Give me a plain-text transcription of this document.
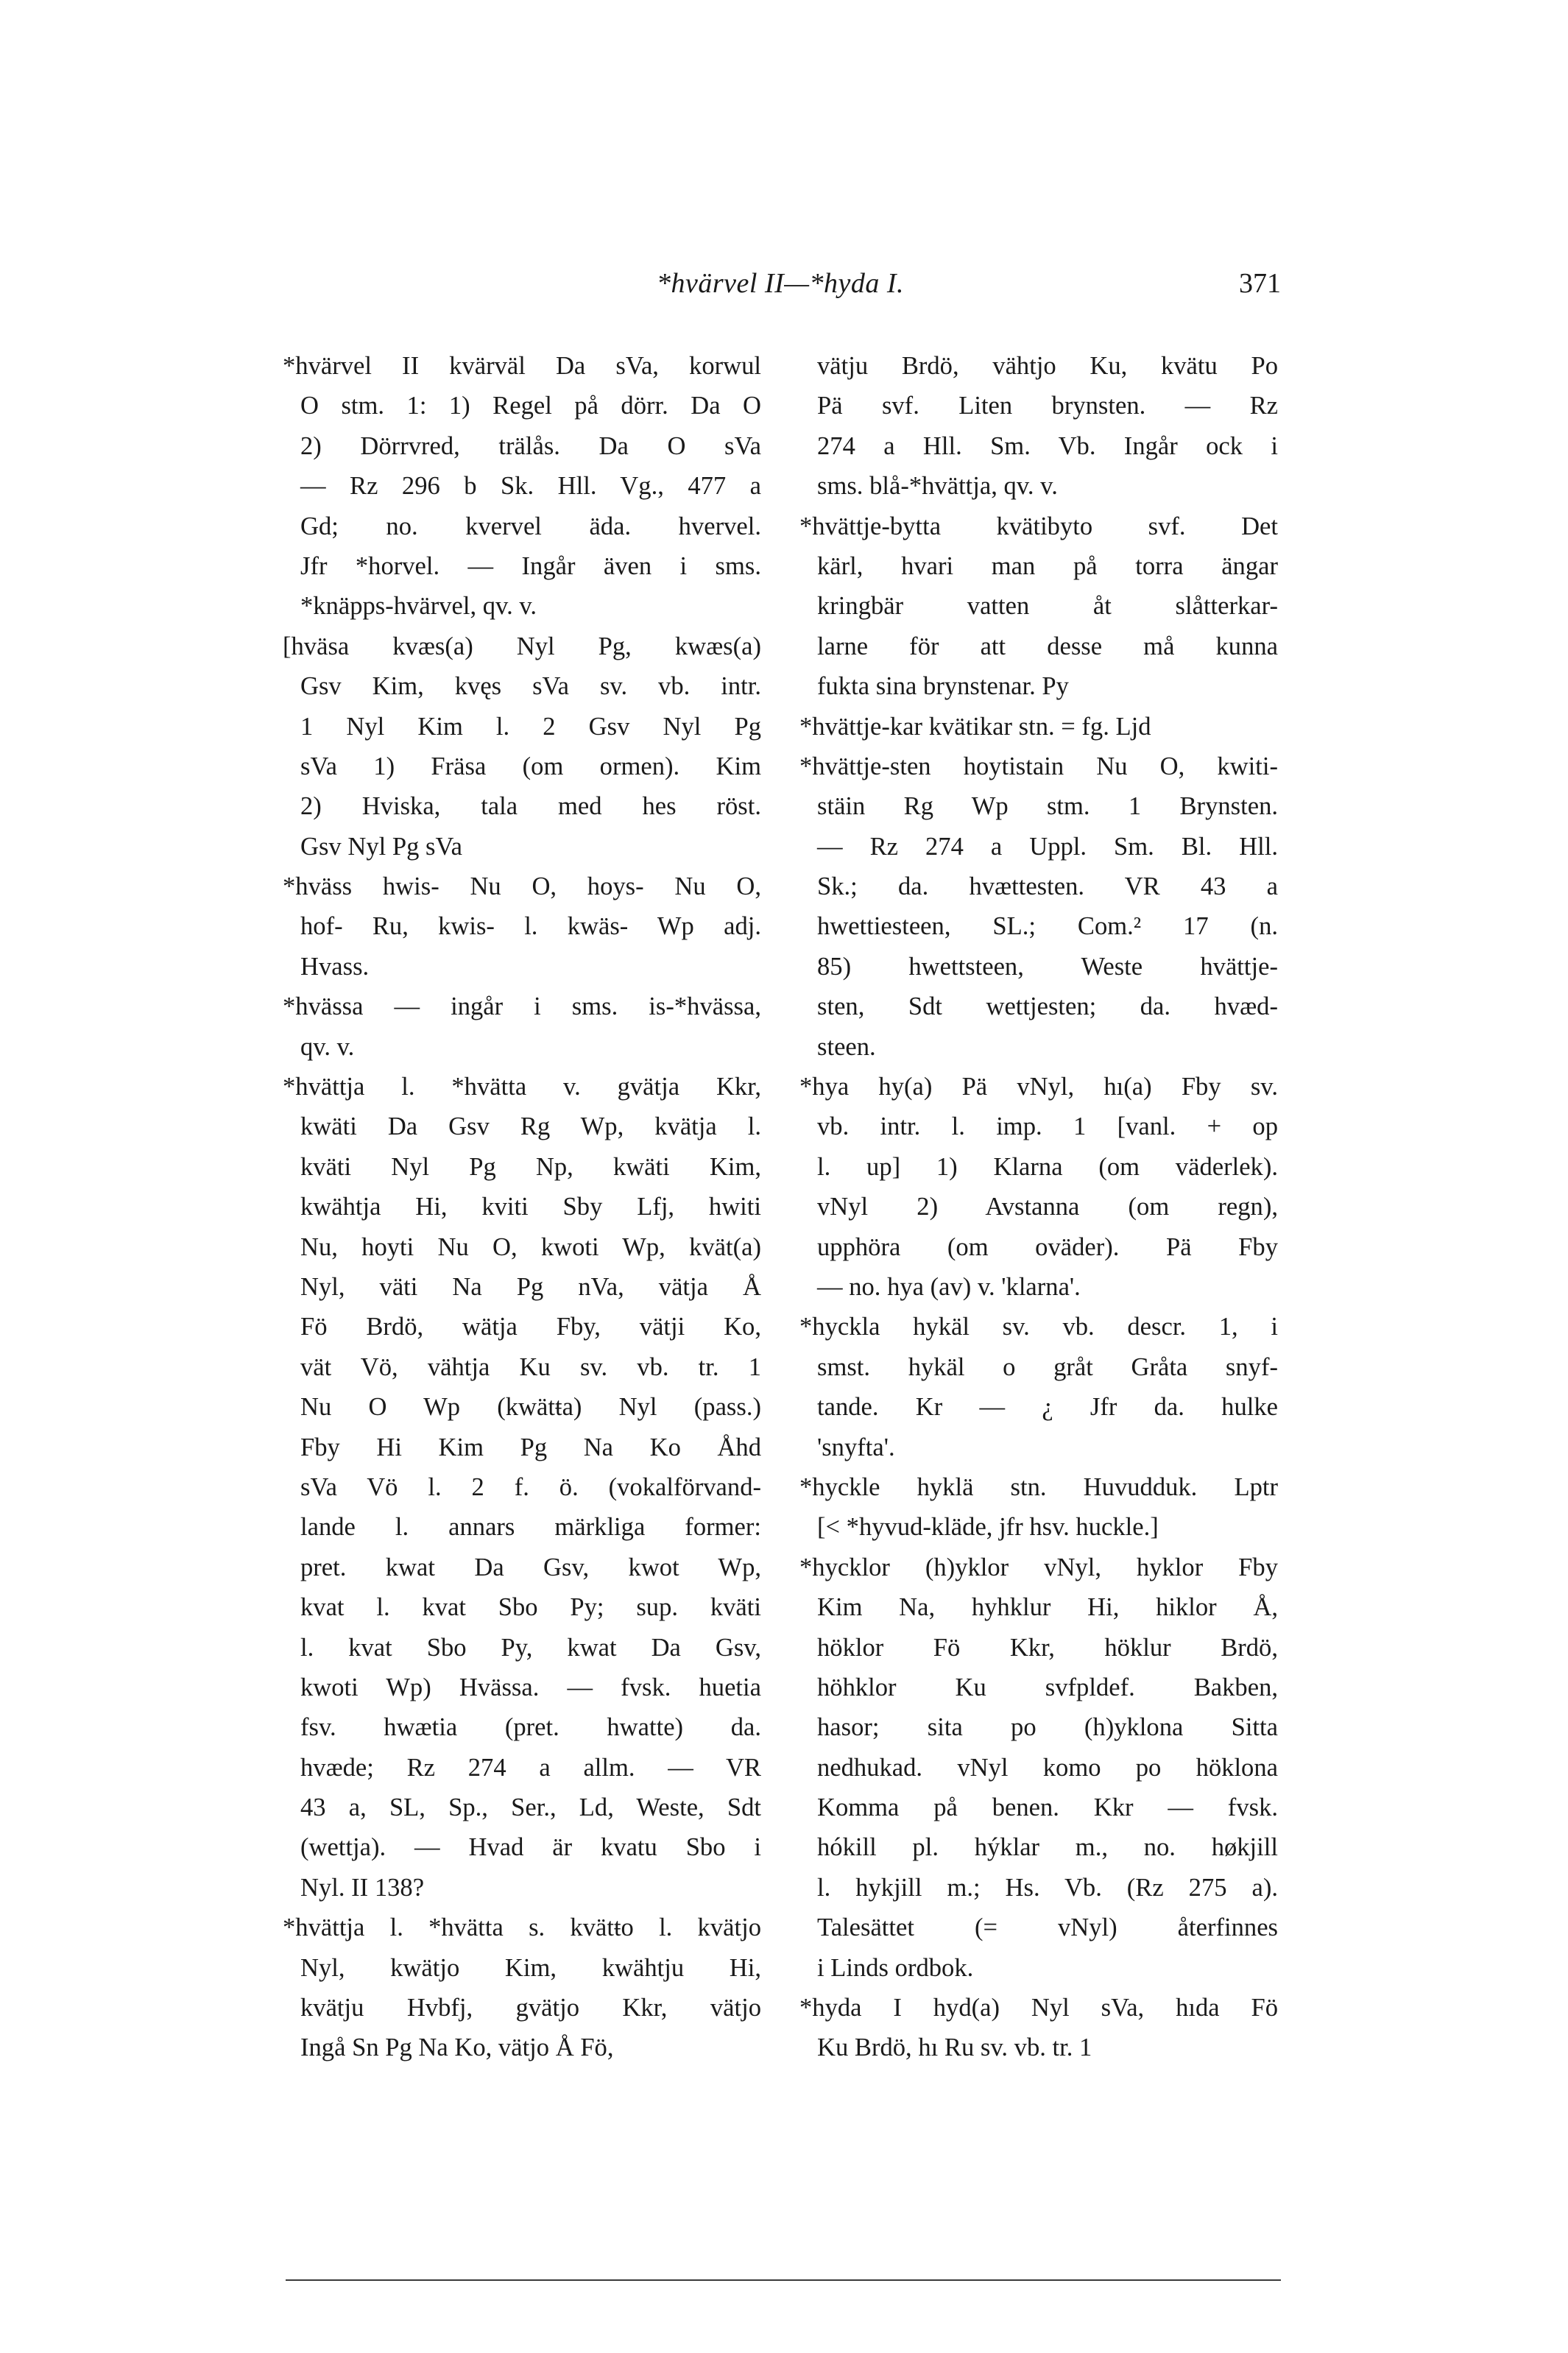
*hvärvel II—*hyda I.	371
*hvärvel II kvärväl Da sVa, korwul
O stm. 1: 1) Regel på dörr. Da O
2) Dörrvred, trälås. Da O sVa
— Rz 296 b Sk. Hll. Vg., 477 a
Gd; no. kvervel äda. hvervel.
Jfr *horvel. — Ingår även i sms.
*knäpps-hvärvel, qv. v.
[hväsa kvæs(a) Nyl Pg, kwæs(a)
Gsv Kim, kvęs sVa sv. vb. intr.
1 Nyl Kim l. 2 Gsv Nyl Pg
sVa 1) Fräsa (om ormen). Kim
2) Hviska, tala med hes röst.
Gsv Nyl Pg sVa
*hväss hwis- Nu O, hoys- Nu O,
hof- Ru, kwis- l. kwäs- Wp adj.
Hvass.
*hvässa — ingår i sms. is-*hvässa,
qv. v.
*hvättja l. *hvätta v. gvätja Kkr,
kwäti Da Gsv Rg Wp, kvätja l.
kväti Nyl Pg Np, kwäti Kim,
kwähtja Hi, kviti Sby Lfj, hwiti
Nu, hoyti Nu O, kwoti Wp, kvät(a)
Nyl, väti Na Pg nVa, vätja Å
Fö Brdö, wätja Fby, vätji Ko,
vät Vö, vähtja Ku sv. vb. tr. 1
Nu O Wp (kwätŧa) Nyl (pass.)
Fby Hi Kim Pg Na Ko Åhd
sVa Vö l. 2 f. ö. (vokalförvand-
lande l. annars märkliga former:
pret. kwat Da Gsv, kwot Wp,
kvat l. kvat Sbo Py; sup. kväti
l. kvat Sbo Py, kwat Da Gsv,
kwoti Wp) Hvässa. — fvsk. huetia
fsv. hwætia (pret. hwatte) da.
hvæde; Rz 274 a allm. — VR
43 a, SL, Sp., Ser., Ld, Weste, Sdt
(wettja). — Hvad är kvatu Sbo i
Nyl. II 138?
*hvättja l. *hvätta s. kvätŧo l. kvätjo
Nyl, kwätjo Kim, kwähtju Hi,
kvätju Hvbfj, gvätjo Kkr, vätjo
Ingå Sn Pg Na Ko, vätjo Å Fö,
vätju Brdö, vähtjo Ku, kvätu Po
Pä svf. Liten brynsten. — Rz
274 a Hll. Sm. Vb. Ingår ock i
sms. blå-*hvättja, qv. v.
*hvättje-bytta kvätibyto svf. Det
kärl, hvari man på torra ängar
kringbär vatten åt slåtterkar-
larne för att desse må kunna
fukta sina brynstenar. Py
*hvättje-kar kvätikar stn. = fg. Ljd
*hvättje-sten hoytistain Nu O, kwiti-
stäin Rg Wp stm. 1 Brynsten.
— Rz 274 a Uppl. Sm. Bl. Hll.
Sk.; da. hvættesten. VR 43 a
hwettiesteen, SL.; Com.² 17 (n.
85) hwettsteen, Weste hvättje-
sten, Sdt wettjesten; da. hvæd-
steen.
*hya hy(a) Pä vNyl, hı(a) Fby sv.
vb. intr. l. imp. 1 [vanl. + op
l. up] 1) Klarna (om väderlek).
vNyl 2) Avstanna (om regn),
upphöra (om oväder). Pä Fby
— no. hya (av) v. 'klarna'.
*hyckla hykäl sv. vb. descr. 1, i
smst. hykäl o gråt Gråta snyf-
tande. Kr — ¿ Jfr da. hulke
'snyfta'.
*hyckle hyklä stn. Huvudduk. Lptr
[< *hyvud-kläde, jfr hsv. huckle.]
*hycklor (h)yklor vNyl, hyklor Fby
Kim Na, hyhklur Hi, hiklor Å,
höklor Fö Kkr, höklur Brdö,
höhklor Ku svfpldef. Bakben,
hasor; sita po (h)yklona Sitta
nedhukad. vNyl komo po höklona
Komma på benen. Kkr — fvsk.
hókill pl. hýklar m., no. høkjill
l. hykjill m.; Hs. Vb. (Rz 275 a).
Talesättet (= vNyl) återfinnes
i Linds ordbok.
*hyda I hyd(a) Nyl sVa, hıda Fö
Ku Brdö, hı Ru sv. vb. tr. 1
